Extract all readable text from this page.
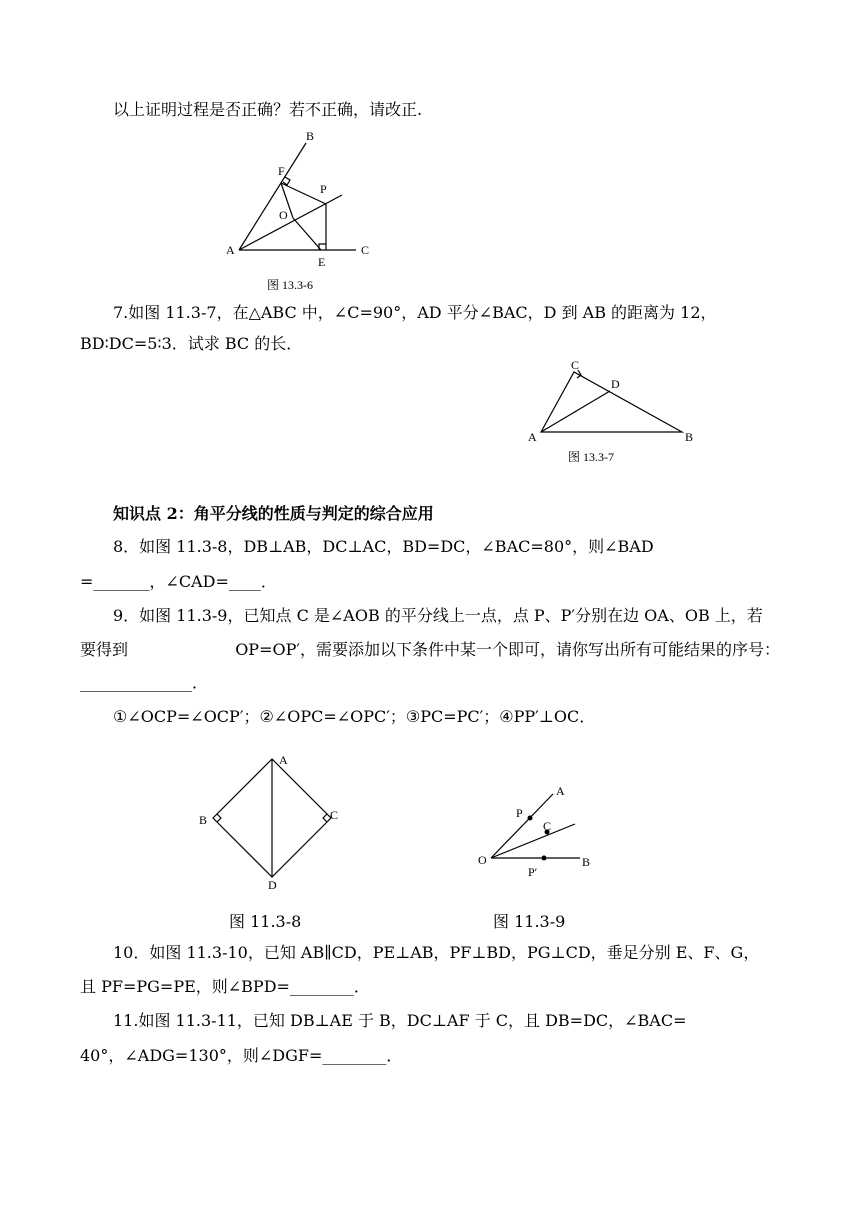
以上证明过程是否正确？若不正确，请改正.
B
F
P
O
A	C
E
图 13.3-6
7.如图 11.3-7，在△ABC 中，∠C=90°，AD 平分∠BAC，D 到 AB 的距离为 12，
BD∶DC=5∶3．试求 BC 的长．
C
D
A	B
图 13.3-7
知识点 2：角平分线的性质与判定的综合应用
8．如图 11.3-8，DB⊥AB，DC⊥AC，BD=DC，∠BAC=80°，则∠BAD
=_______，∠CAD=____．
9．如图 11.3-9，已知点 C 是∠AOB 的平分线上一点，点 P、P′分别在边 OA、OB 上，若
要得到	OP=OP′，需要添加以下条件中某一个即可，请你写出所有可能结果的序号：
______________．
①∠OCP=∠OCP′；②∠OPC=∠OPC′；③PC=PC′；④PP′⊥OC．
A
B	C
D
图 11.3-8
A
P
C
O	B
P′
图 11.3-9
10．如图 11.3-10，已知 AB∥CD，PE⊥AB，PF⊥BD，PG⊥CD，垂足分别 E、F、G，
且 PF=PG=PE，则∠BPD=________．
11.如图 11.3-11，已知 DB⊥AE 于 B，DC⊥AF 于 C，且 DB=DC，∠BAC=
40°，∠ADG=130°，则∠DGF=________．
